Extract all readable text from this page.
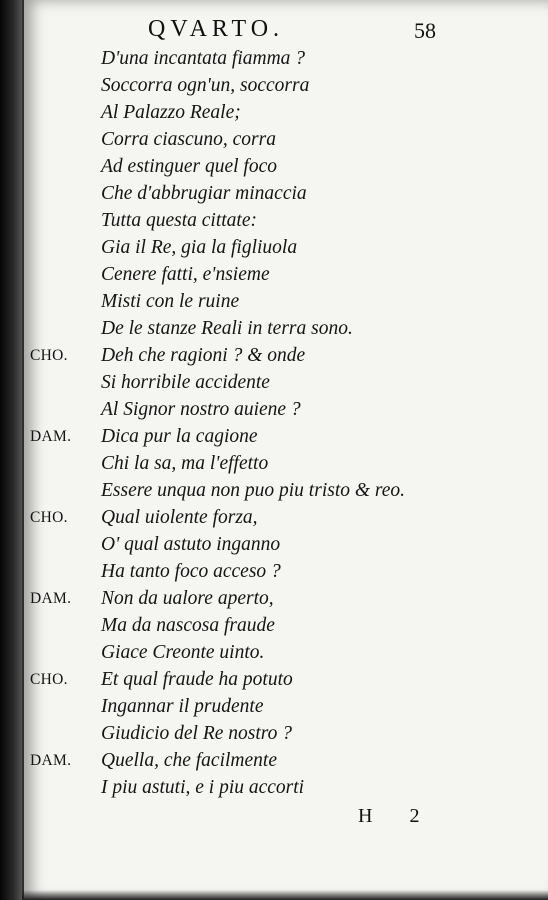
QVARTO.	58
D'una incantata fiamma ?
Soccorra ogn'un, soccorra
Al Palazzo Reale;
Corra ciascuno, corra
Ad estinguer quel foco
Che d'abbrugiar minaccia
Tutta questa cittate:
Gia il Re, gia la figliuola
Cenere fatti, e'nsieme
Misti con le ruine
De le stanze Reali in terra sono.
CHO. Deh che ragioni ? & onde
Si horribile accidente
Al Signor nostro auiene ?
DAM. Dica pur la cagione
Chi la sa, ma l'effetto
Essere unqua non puo piu tristo & reo.
CHO. Qual uiolente forza,
O' qual astuto inganno
Ha tanto foco acceso ?
DAM. Non da ualore aperto,
Ma da nascosa fraude
Giace Creonte uinto.
CHO. Et qual fraude ha potuto
Ingannar il prudente
Giudicio del Re nostro ?
DAM. Quella, che facilmente
I piu astuti, e i piu accorti
H 2
